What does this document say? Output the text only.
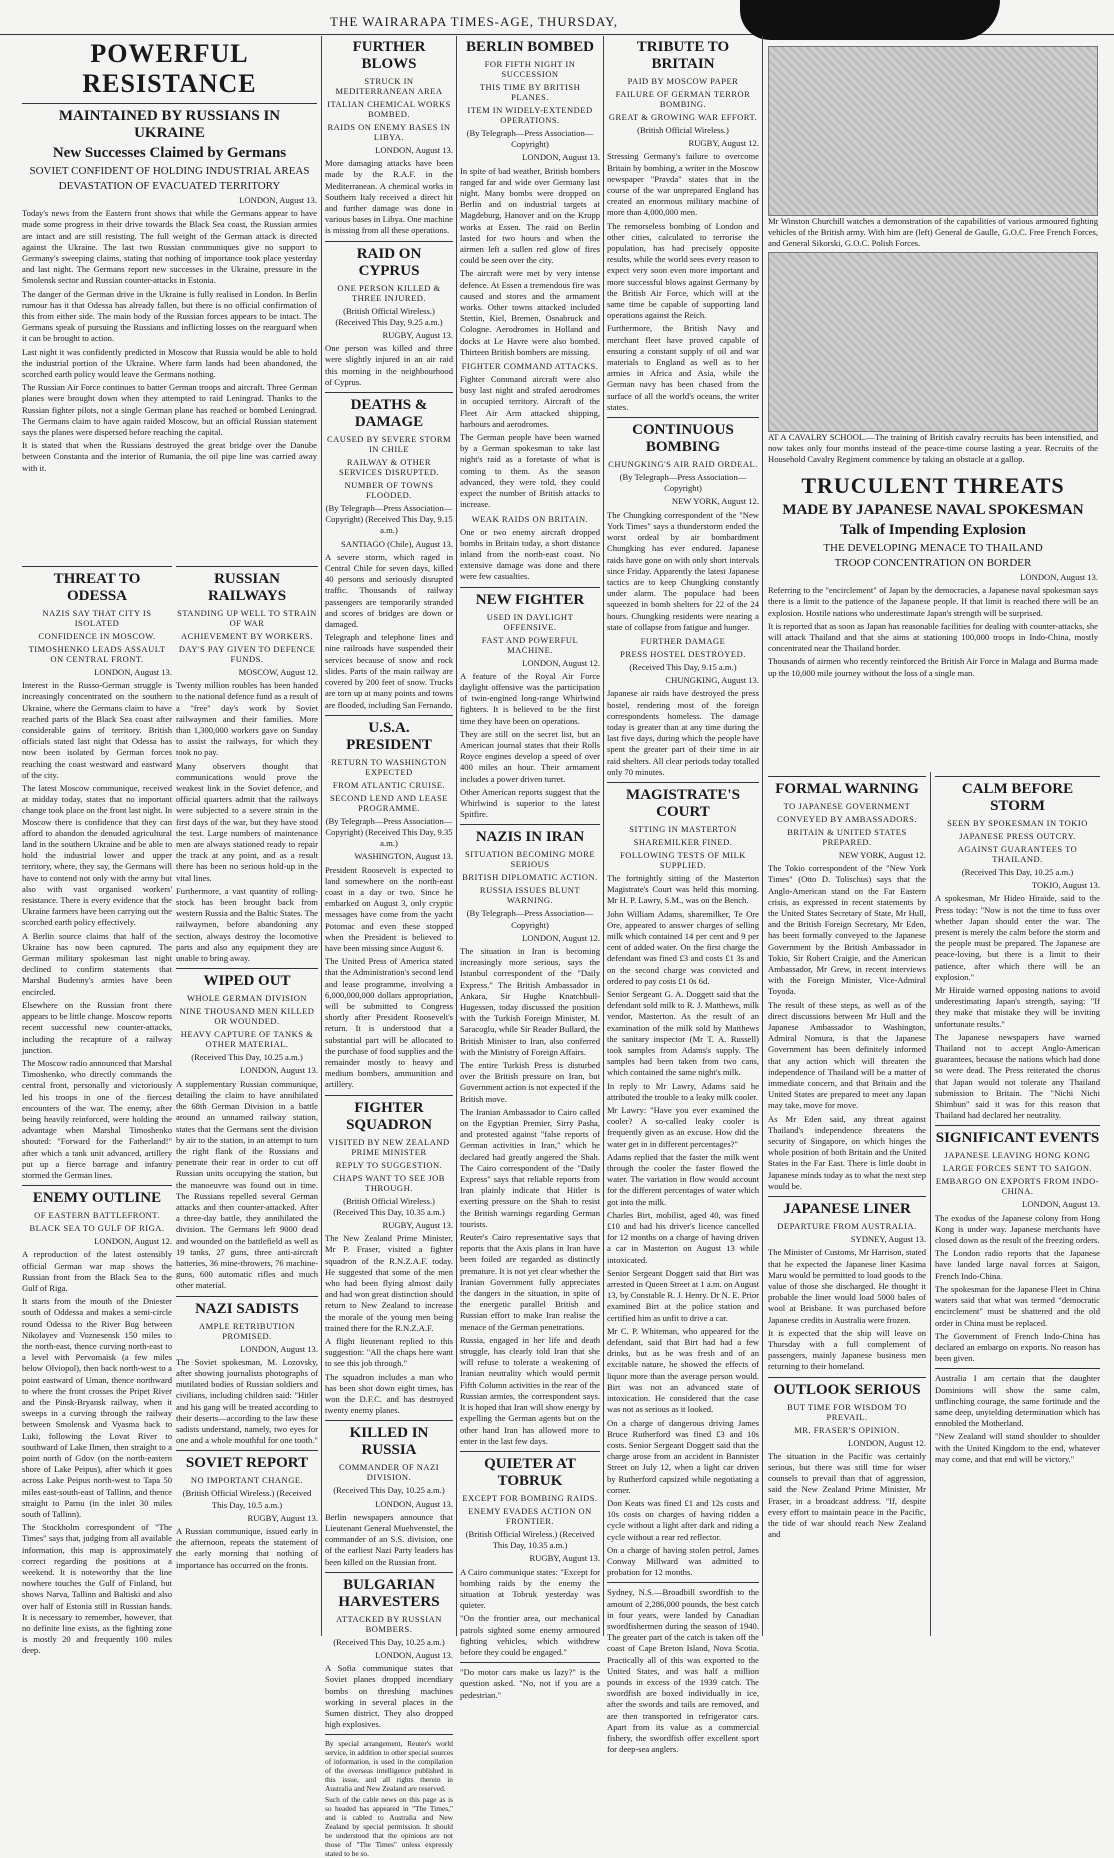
THE WAIRARAPA TIMES-AGE, THURSDAY,
POWERFUL RESISTANCE
MAINTAINED BY RUSSIANS IN UKRAINE
New Successes Claimed by Germans
SOVIET CONFIDENT OF HOLDING INDUSTRIAL AREAS
DEVASTATION OF EVACUATED TERRITORY

LONDON, August 13.

Today's news from the Eastern front shows that while the Germans appear to have made some progress in their drive towards the Black Sea coast, the Russian armies are intact and are still resisting. The full weight of the German attack is directed against the Ukraine. The last two Russian communiques give no support to Germany's sweeping claims, stating that nothing of importance took place yesterday and last night. The Germans report new successes in the Ukraine, pressure in the Smolensk sector and Russian counter-attacks in Estonia.

The danger of the German drive in the Ukraine is fully realised in London. In Berlin rumour has it that Odessa has already fallen, but there is no official confirmation of this from either side. The main body of the Russian forces appears to be intact. The Germans speak of pursuing the Russians and inflicting losses on the rearguard when it can be brought to action.

Last night it was confidently predicted in Moscow that Russia would be able to hold the industrial portion of the Ukraine. Where farm lands had been abandoned, the scorched earth policy would leave the Germans nothing.

The Russian Air Force continues to batter German troops and aircraft. Three German planes were brought down when they attempted to raid Leningrad. Thanks to the Russian fighter pilots, not a single German plane has reached or bombed Leningrad. The Germans claim to have again raided Moscow, but an official Russian statement says the planes were dispersed before reaching the capital.

It is stated that when the Russians destroyed the great bridge over the Danube between Constanta and the interior of Rumania, the oil pipe line was carried away with it.

THREAT TO ODESSA
NAZIS SAY THAT CITY IS ISOLATED
CONFIDENCE IN MOSCOW.
TIMOSHENKO LEADS ASSAULT ON CENTRAL FRONT.

LONDON, August 13.

Interest in the Russo-German struggle is increasingly concentrated on the southern Ukraine, where the Germans claim to have reached parts of the Black Sea coast after considerable gains of territory. British officials stated last night that Odessa has now been isolated by German forces reaching the coast westward and eastward of the city.

The latest Moscow communique, received at midday today, states that no important change took place on the front last night. In Moscow there is confidence that they can afford to abandon the denuded agricultural land in the southern Ukraine and be able to hold the industrial lower and upper territory, where, they say, the Germans will have to contend not only with the army but also with vast organised workers' resistance. There is every evidence that the Ukraine farmers have been carrying out the scorched earth policy effectively.

A Berlin source claims that half of the Ukraine has now been captured. The German military spokesman last night declined to confirm statements that Marshal Budenny's armies have been encircled.

Elsewhere on the Russian front there appears to be little change. Moscow reports recent successful new counter-attacks, including the recapture of a railway junction.

The Moscow radio announced that Marshal Timoshenko, who directly commands the central front, personally and victoriously led his troops in one of the fiercest encounters of the war. The enemy, after being heavily reinforced, were holding the advantage when Marshal Timoshenko shouted: "Forward for the Fatherland!" after which a tank unit advanced, artillery put up a fierce barrage and infantry stormed the German lines.

ENEMY OUTLINE
OF EASTERN BATTLEFRONT.
BLACK SEA TO GULF OF RIGA.

LONDON, August 12.

A reproduction of the latest ostensibly official German war map shows the Russian front from the Black Sea to the Gulf of Riga.

It starts from the mouth of the Dniester south of Oddessa and makes a semi-circle round Odessa to the River Bug between Nikolayev and Voznesensk 150 miles to the north-east, thence curving north-east to a level with Pervomaisk (a few miles below Olviopol), then back north-west to a point eastward of Uman, thence northward to where the front crosses the Pripet River and the Pinsk-Bryansk railway, when it sweeps in a curving through the railway between Smolensk and Vyasma back to Luki, following the Lovat River to southward of Lake Ilmen, then straight to a point north of Gdov (on the north-eastern shore of Lake Peipus), after which it goes across Lake Peipus north-west to Tapa 50 miles east-south-east of Tallinn, and thence straight to Parnu (in the inlet 30 miles south of Tallinn).

The Stockholm correspondent of "The Times" says that, judging from all available information, this map is approximately correct regarding the positions at a weekend. It is noteworthy that the line nowhere touches the Gulf of Finland, but shows Narva, Tallinn and Baltiski and also over half of Estonia still in Russian hands. It is necessary to remember, however, that no definite line exists, as the fighting zone is mostly 20 and frequently 100 miles deep.

RUSSIAN RAILWAYS
STANDING UP WELL TO STRAIN OF WAR
ACHIEVEMENT BY WORKERS.
DAY'S PAY GIVEN TO DEFENCE FUNDS.

MOSCOW, August 12.

Twenty million roubles has been handed to the national defence fund as a result of a "free" day's work by Soviet railwaymen and their families. More than 1,300,000 workers gave on Sunday to assist the railways, for which they took no pay.

Many observers thought that communications would prove the weakest link in the Soviet defence, and official quarters admit that the railways were subjected to a severe strain in the first days of the war, but they have stood the test. Large numbers of maintenance men are always stationed ready to repair the track at any point, and as a result there has been no serious hold-up in the vital lines.

Furthermore, a vast quantity of rolling-stock has been brought back from western Russia and the Baltic States. The railwaymen, before abandoning any section, always destroy the locomotive parts and also any equipment they are unable to bring away.

WIPED OUT
WHOLE GERMAN DIVISION
NINE THOUSAND MEN KILLED OR WOUNDED.
HEAVY CAPTURE OF TANKS & OTHER MATERIAL.

(Received This Day, 10.25 a.m.)

LONDON, August 13.

A supplementary Russian communique, detailing the claim to have annihilated the 68th German Division in a battle around an unnamed railway station, states that the Germans sent the division by air to the station, in an attempt to turn the right flank of the Russians and penetrate their rear in order to cut off Russian units occupying the station, but the manoeuvre was found out in time. The Russians repelled several German attacks and then counter-attacked. After a three-day battle, they annihilated the division. The Germans left 9000 dead and wounded on the battlefield as well as 19 tanks, 27 guns, three anti-aircraft batteries, 36 mine-throwers, 76 machine-guns, 600 automatic rifles and much other material.

NAZI SADISTS
AMPLE RETRIBUTION PROMISED.

LONDON, August 13.

The Soviet spokesman, M. Lozovsky, after showing journalists photographs of mutilated bodies of Russian soldiers and civilians, including children said: "Hitler and his gang will be treated according to their deserts—according to the law these sadists understand, namely, two eyes for one and a whole mouthful for one tooth."

SOVIET REPORT
NO IMPORTANT CHANGE.

(British Official Wireless.) (Received This Day, 10.5 a.m.)

RUGBY, August 13.

A Russian communique, issued early in the afternoon, repeats the statement of the early morning that nothing of importance has occurred on the fronts.

FURTHER BLOWS
STRUCK IN MEDITERRANEAN AREA
ITALIAN CHEMICAL WORKS BOMBED.
RAIDS ON ENEMY BASES IN LIBYA.

LONDON, August 13.

More damaging attacks have been made by the R.A.F. in the Mediterranean. A chemical works in Southern Italy received a direct hit and further damage was done in various bases in Libya. One machine is missing from all these operations.

RAID ON CYPRUS
ONE PERSON KILLED & THREE INJURED.

(British Official Wireless.) (Received This Day, 9.25 a.m.)

RUGBY, August 13.

One person was killed and three were slightly injured in an air raid this morning in the neighbourhood of Cyprus.

DEATHS & DAMAGE
CAUSED BY SEVERE STORM IN CHILE
RAILWAY & OTHER SERVICES DISRUPTED.
NUMBER OF TOWNS FLOODED.

(By Telegraph—Press Association—Copyright) (Received This Day, 9.15 a.m.)

SANTIAGO (Chile), August 13.

A severe storm, which raged in Central Chile for seven days, killed 40 persons and seriously disrupted traffic. Thousands of railway passengers are temporarily stranded and scores of bridges are down or damaged.

Telegraph and telephone lines and nine railroads have suspended their services because of snow and rock slides. Parts of the main railway are covered by 200 feet of snow. Trucks are torn up at many points and towns are flooded, including San Fernando.

U.S.A. PRESIDENT
RETURN TO WASHINGTON EXPECTED
FROM ATLANTIC CRUISE.
SECOND LEND AND LEASE PROGRAMME.

(By Telegraph—Press Association—Copyright) (Received This Day, 9.35 a.m.)

WASHINGTON, August 13.

President Roosevelt is expected to land somewhere on the north-east coast in a day or two. Since he embarked on August 3, only cryptic messages have come from the yacht Potomac and even these stopped when the President is believed to have been missing since August 6.

The United Press of America stated that the Administration's second lend and lease programme, involving a 6,000,000,000 dollars appropriation, will be submitted to Congress shortly after President Roosevelt's return. It is understood that a substantial part will be allocated to the purchase of food supplies and the remainder mostly to heavy and medium bombers, ammunition and artillery.

FIGHTER SQUADRON
VISITED BY NEW ZEALAND PRIME MINISTER
REPLY TO SUGGESTION.
CHAPS WANT TO SEE JOB THROUGH.

(British Official Wireless.) (Received This Day, 10.35 a.m.)

RUGBY, August 13.

The New Zealand Prime Minister, Mr P. Fraser, visited a fighter squadron of the R.N.Z.A.F. today. He suggested that some of the men who had been flying almost daily and had won great distinction should return to New Zealand to increase the morale of the young men being trained there for the R.N.Z.A.F.

A flight lieutenant replied to this suggestion: "All the chaps here want to see this job through."

The squadron includes a man who has been shot down eight times, has won the D.F.C. and has destroyed twenty enemy planes.

KILLED IN RUSSIA
COMMANDER OF NAZI DIVISION.

(Received This Day, 10.25 a.m.)

LONDON, August 13.

Berlin newspapers announce that Lieutenant General Muehvenstel, the commander of an S.S. division, one of the earliest Nazi Party leaders has been killed on the Russian front.

BULGARIAN HARVESTERS
ATTACKED BY RUSSIAN BOMBERS.

(Received This Day, 10.25 a.m.)

LONDON, August 13.

A Sofia communique states that Soviet planes dropped incendiary bombs on threshing machines working in several places in the Sumen district. They also dropped high explosives.

By special arrangement, Reuter's world service, in addition to other special sources of information, is used in the compilation of the overseas intelligence published in this issue, and all rights therein in Australia and New Zealand are reserved.

Such of the cable news on this page as is so headed has appeared in "The Times," and is cabled to Australia and New Zealand by special permission. It should be understood that the opinions are not those of "The Times" unless expressly stated to be so.

BERLIN BOMBED
FOR FIFTH NIGHT IN SUCCESSION
THIS TIME BY BRITISH PLANES.
ITEM IN WIDELY-EXTENDED OPERATIONS.

(By Telegraph—Press Association—Copyright)

LONDON, August 13.

In spite of bad weather, British bombers ranged far and wide over Germany last night. Many bombs were dropped on Berlin and on industrial targets at Magdeburg, Hanover and on the Krupp works at Essen. The raid on Berlin lasted for two hours and when the airmen left a sullen red glow of fires could be seen over the city.

The aircraft were met by very intense defence. At Essen a tremendous fire was caused and stores and the armament works. Other towns attacked included Stettin, Kiel, Bremen, Osnabruck and Cologne. Aerodromes in Holland and docks at Le Havre were also bombed. Thirteen British bombers are missing.

FIGHTER COMMAND ATTACKS.

Fighter Command aircraft were also busy last night and strafed aerodromes in occupied territory. Aircraft of the Fleet Air Arm attacked shipping, harbours and aerodromes.

The German people have been warned by a German spokesman to take last night's raid as a foretaste of what is coming to them. As the season advanced, they were told, they could expect the number of British attacks to increase.

WEAK RAIDS ON BRITAIN.

One or two enemy aircraft dropped bombs in Britain today, a short distance inland from the north-east coast. No extensive damage was done and there were few casualties.

NEW FIGHTER
USED IN DAYLIGHT OFFENSIVE.
FAST AND POWERFUL MACHINE.

LONDON, August 12.

A feature of the Royal Air Force daylight offensive was the participation of twin-engined long-range Whirlwind fighters. It is believed to be the first time they have been on operations.

They are still on the secret list, but an American journal states that their Rolls Royce engines develop a speed of over 400 miles an hour. Their armament includes a power driven turret.

Other American reports suggest that the Whirlwind is superior to the latest Spitfire.

NAZIS IN IRAN
SITUATION BECOMING MORE SERIOUS
BRITISH DIPLOMATIC ACTION.
RUSSIA ISSUES BLUNT WARNING.

(By Telegraph—Press Association—Copyright)

LONDON, August 12.

The situation in Iran is becoming increasingly more serious, says the Istanbul correspondent of the "Daily Express." The British Ambassador in Ankara, Sir Hughe Knatchbull-Hugessen, today discussed the position with the Turkish Foreign Minister, M. Saracoglu, while Sir Reader Bullard, the British Minister to Iran, also conferred with the Ministry of Foreign Affairs.

The entire Turkish Press is disturbed over the British pressure on Iran, but Government action is not expected if the British move.

The Iranian Ambassador to Cairo called on the Egyptian Premier, Sirry Pasha, and protested against "false reports of German activities in Iran," which he declared had greatly angered the Shah. The Cairo correspondent of the "Daily Express" says that reliable reports from Iran plainly indicate that Hitler is exerting pressure on the Shah to resist the British warnings regarding German tourists.

Reuter's Cairo representative says that reports that the Axis plans in Iran have been foiled are regarded as distinctly premature. It is not yet clear whether the Iranian Government fully appreciates the dangers in the situation, in spite of the energetic parallel British and Russian effort to make Iran realise the menace of the German penetrations.

Russia, engaged in her life and death struggle, has clearly told Iran that she will refuse to tolerate a weakening of Iranian neutrality which would permit Fifth Column activities in the rear of the Russian armies, the correspondent says. It is hoped that Iran will show energy by expelling the German agents but on the other hand Iran has allowed more to enter in the last few days.

QUIETER AT TOBRUK
EXCEPT FOR BOMBING RAIDS.
ENEMY EVADES ACTION ON FRONTIER.

(British Official Wireless.) (Received This Day, 10.35 a.m.)

RUGBY, August 13.

A Cairo communique states: "Except for bombing raids by the enemy the situation at Tobruk yesterday was quieter.

"On the frontier area, our mechanical patrols sighted some enemy armoured fighting vehicles, which withdrew before they could be engaged."

"Do motor cars make us lazy?" is the question asked. "No, not if you are a pedestrian."

TRIBUTE TO BRITAIN
PAID BY MOSCOW PAPER
FAILURE OF GERMAN TERROR BOMBING.
GREAT & GROWING WAR EFFORT.

(British Official Wireless.)

RUGBY, August 12.

Stressing Germany's failure to overcome Britain by bombing, a writer in the Moscow newspaper "Pravda" states that in the course of the war unprepared England has created an enormous military machine of more than 4,000,000 men.

The remorseless bombing of London and other cities, calculated to terrorise the population, has had precisely opposite results, while the world sees every reason to expect very soon even more important and more successful blows against Germany by the British Air Force, which will at the same time be capable of supporting land operations against the Reich.

Furthermore, the British Navy and merchant fleet have proved capable of ensuring a constant supply of oil and war materials to England as well as to her armies in Africa and Asia, while the German navy has been chased from the surface of all the world's oceans, the writer states.

CONTINUOUS BOMBING
CHUNGKING'S AIR RAID ORDEAL.

(By Telegraph—Press Association—Copyright)

NEW YORK, August 12.

The Chungking correspondent of the "New York Times" says a thunderstorm ended the worst ordeal by air bombardment Chungking has ever endured. Japanese raids have gone on with only short intervals since Friday. Apparently the latest Japanese tactics are to keep Chungking constantly under alarm. The populace had been squeezed in bomb shelters for 22 of the 24 hours. Chungking residents were nearing a state of collapse from fatigue and hunger.

FURTHER DAMAGE
PRESS HOSTEL DESTROYED.

(Received This Day, 9.15 a.m.)

CHUNGKING, August 13.

Japanese air raids have destroyed the press hostel, rendering most of the foreign correspondents homeless. The damage today is greater than at any time during the last five days, during which the people have spent the greater part of their time in air raid shelters. All clear periods today totalled only 70 minutes.

MAGISTRATE'S COURT
SITTING IN MASTERTON
SHAREMILKER FINED.
FOLLOWING TESTS OF MILK SUPPLIED.

The fortnightly sitting of the Masterton Magistrate's Court was held this morning. Mr H. P. Lawry, S.M., was on the Bench.

John William Adams, sharemilker, Te Ore Ore, appeared to answer charges of selling milk which contained 14 per cent and 9 per cent of added water. On the first charge the defendant was fined £3 and costs £1 3s and on the second charge was convicted and ordered to pay costs £1 0s 6d.

Senior Sergeant G. A. Doggett said that the defendant sold milk to R. J. Matthews, milk vendor, Masterton. As the result of an examination of the milk sold by Matthews the sanitary inspector (Mr T. A. Russell) took samples from Adams's supply. The samples had been taken from two cans, which contained the same night's milk.

In reply to Mr Lawry, Adams said he attributed the trouble to a leaky milk cooler.

Mr Lawry: "Have you ever examined the cooler? A so-called leaky cooler is frequently given as an excuse. How did the water get in in different percentages?"

Adams replied that the faster the milk went through the cooler the faster flowed the water. The variation in flow would account for the different percentages of water which got into the milk.

Charles Birt, mobilist, aged 40, was fined £10 and had his driver's licence cancelled for 12 months on a charge of having driven a car in Masterton on August 13 while intoxicated.

Senior Sergeant Doggett said that Birt was arrested in Queen Street at 1 a.m. on August 13, by Constable R. J. Henry. Dr N. E. Prior examined Birt at the police station and certified him as unfit to drive a car.

Mr C. P. Whiteman, who appeared for the defendant, said that Birt had had a few drinks, but as he was fresh and of an excitable nature, he showed the effects of liquor more than the average person would. Birt was not an advanced state of intoxication. He considered that the case was not as serious as it looked.

On a charge of dangerous driving James Bruce Rutherford was fined £3 and 10s costs. Senior Sergeant Doggett said that the charge arose from an accident in Bannister Street on July 12, when a light car driven by Rutherford capsized while negotiating a corner.

Don Keats was fined £1 and 12s costs and 10s costs on charges of having ridden a cycle without a light after dark and riding a cycle without a rear red reflector.

On a charge of having stolen petrol, James Conway Millward was admitted to probation for 12 months.

Sydney, N.S.—Broadbill swordfish to the amount of 2,286,000 pounds, the best catch in four years, were landed by Canadian swordfishermen during the season of 1940. The greater part of the catch is taken off the coast of Cape Breton Island, Nova Scotia. Practically all of this was exported to the United States, and was half a million pounds in excess of the 1939 catch. The swordfish are boxed individually in ice, after the swords and tails are removed, and are then transported in refrigerator cars. Apart from its value as a commercial fishery, the swordfish offer excellent sport for deep-sea anglers.

Mr Winston Churchill watches a demonstration of the capabilities of various armoured fighting vehicles of the British army. With him are (left) General de Gaulle, G.O.C. Free French Forces, and General Sikorski, G.O.C. Polish Forces.

AT A CAVALRY SCHOOL.—The training of British cavalry recruits has been intensified, and now takes only four months instead of the peace-time course lasting a year. Recruits of the Household Cavalry Regiment commence by taking an obstacle at a gallop.

TRUCULENT THREATS
MADE BY JAPANESE NAVAL SPOKESMAN
Talk of Impending Explosion
THE DEVELOPING MENACE TO THAILAND
TROOP CONCENTRATION ON BORDER

LONDON, August 13.

Referring to the "encirclement" of Japan by the democracies, a Japanese naval spokesman says there is a limit to the patience of the Japanese people. If that limit is reached there will be an explosion. Hostile nations who underestimate Japan's strength will be surprised.

It is reported that as soon as Japan has reasonable facilities for dealing with counter-attacks, she will attack Thailand and that she aims at stationing 100,000 troops in Indo-China, mostly concentrated near the Thailand border.

Thousands of airmen who recently reinforced the British Air Force in Malaga and Burma made up the 10,000 mile journey without the loss of a single man.

FORMAL WARNING
TO JAPANESE GOVERNMENT
CONVEYED BY AMBASSADORS.
BRITAIN & UNITED STATES PREPARED.

NEW YORK, August 12.

The Tokio correspondent of the "New York Times" (Otto D. Tolischus) says that the Anglo-American stand on the Far Eastern crisis, as expressed in recent statements by the United States Secretary of State, Mr Hull, and the British Foreign Secretary, Mr Eden, has been formally conveyed to the Japanese Government by the British Ambassador in Tokio, Sir Robert Craigie, and the American Ambassador, Mr Grew, in recent interviews with the Foreign Minister, Vice-Admiral Toyoda.

The result of these steps, as well as of the direct discussions between Mr Hull and the Japanese Ambassador to Washington, Admiral Nomura, is that the Japanese Government has been definitely informed that any action which will threaten the independence of Thailand will be a matter of immediate concern, and that Britain and the United States are prepared to meet any Japan may take, move for move.

As Mr Eden said, any threat against Thailand's independence threatens the security of Singapore, on which hinges the whole position of both Britain and the United States in the Far East. There is little doubt in Japanese minds today as to what the next step would be.

JAPANESE LINER
DEPARTURE FROM AUSTRALIA.

SYDNEY, August 13.

The Minister of Customs, Mr Harrison, stated that he expected the Japanese liner Kasima Maru would be permitted to load goods to the value of those she discharged. He thought it probable the liner would load 5000 bales of wool at Brisbane. It was purchased before Japanese credits in Australia were frozen.

It is expected that the ship will leave on Thursday with a full complement of passengers, mainly Japanese business men returning to their homeland.

OUTLOOK SERIOUS
BUT TIME FOR WISDOM TO PREVAIL.
MR. FRASER'S OPINION.

LONDON, August 12.

The situation in the Pacific was certainly serious, but there was still time for wiser counsels to prevail than that of aggression, said the New Zealand Prime Minister, Mr Fraser, in a broadcast address. "If, despite every effort to maintain peace in the Pacific, the tide of war should reach New Zealand and

CALM BEFORE STORM
SEEN BY SPOKESMAN IN TOKIO
JAPANESE PRESS OUTCRY.
AGAINST GUARANTEES TO THAILAND.

(Received This Day, 10.25 a.m.)

TOKIO, August 13.

A spokesman, Mr Hideo Hiraide, said to the Press today: "Now is not the time to fuss over whether Japan should enter the war. The present is merely the calm before the storm and the people must be prepared. The Japanese are peace-loving, but there is a limit to their patience, after which there will be an explosion."

Mr Hiraide warned opposing nations to avoid underestimating Japan's strength, saying: "If they make that mistake they will be inviting unfortunate results."

The Japanese newspapers have warned Thailand not to accept Anglo-American guarantees, because the nations which had done so were dead. The Press reiterated the chorus that Japan would not tolerate any Thailand submission to Britain. The "Nichi Nichi Shimbun" said it was for this reason that Thailand had declared her neutrality.

SIGNIFICANT EVENTS
JAPANESE LEAVING HONG KONG
LARGE FORCES SENT TO SAIGON.
EMBARGO ON EXPORTS FROM INDO-CHINA.

LONDON, August 13.

The exodus of the Japanese colony from Hong Kong is under way. Japanese merchants have closed down as the result of the freezing orders.

The London radio reports that the Japanese have landed large naval forces at Saigon, French Indo-China.

The spokesman for the Japanese Fleet in China waters said that what was termed "democratic encirclement" must be shattered and the old order in China must be replaced.

The Government of French Indo-China has declared an embargo on exports. No reason has been given.

Australia I am certain that the daughter Dominions will show the same calm, unflinching courage, the same fortitude and the same deep, unyielding determination which has ennobled the Motherland.

"New Zealand will stand shoulder to shoulder with the United Kingdom to the end, whatever may come, and that end will be victory."
